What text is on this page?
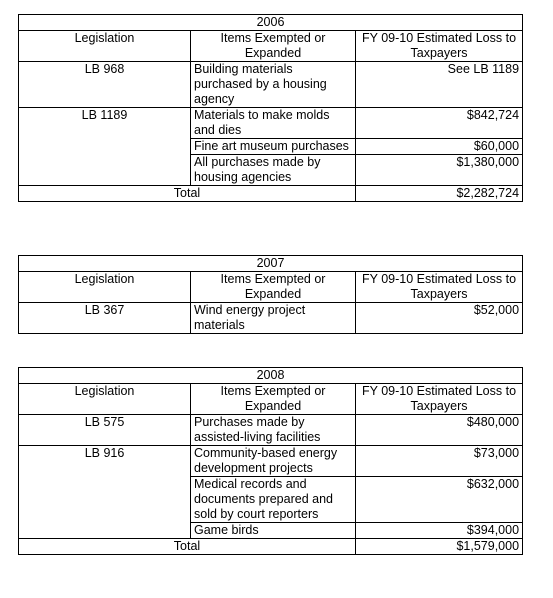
2006		
Legislation	Items Exempted or Expanded	FY 09-10 Estimated Loss to Taxpayers
LB 968	Building materials purchased by a housing agency	See LB 1189
LB 1189	Materials to make molds and dies	$842,724
	Fine art museum purchases	$60,000
	All purchases made by housing agencies	$1,380,000
Total		$2,282,724
2007		
Legislation	Items Exempted or Expanded	FY 09-10 Estimated Loss to Taxpayers
LB 367	Wind energy project materials	$52,000
2008		
Legislation	Items Exempted or Expanded	FY 09-10 Estimated Loss to Taxpayers
LB 575	Purchases made by assisted-living facilities	$480,000
LB 916	Community-based energy development projects	$73,000
	Medical records and documents prepared and sold by court reporters	$632,000
	Game birds	$394,000
Total		$1,579,000
